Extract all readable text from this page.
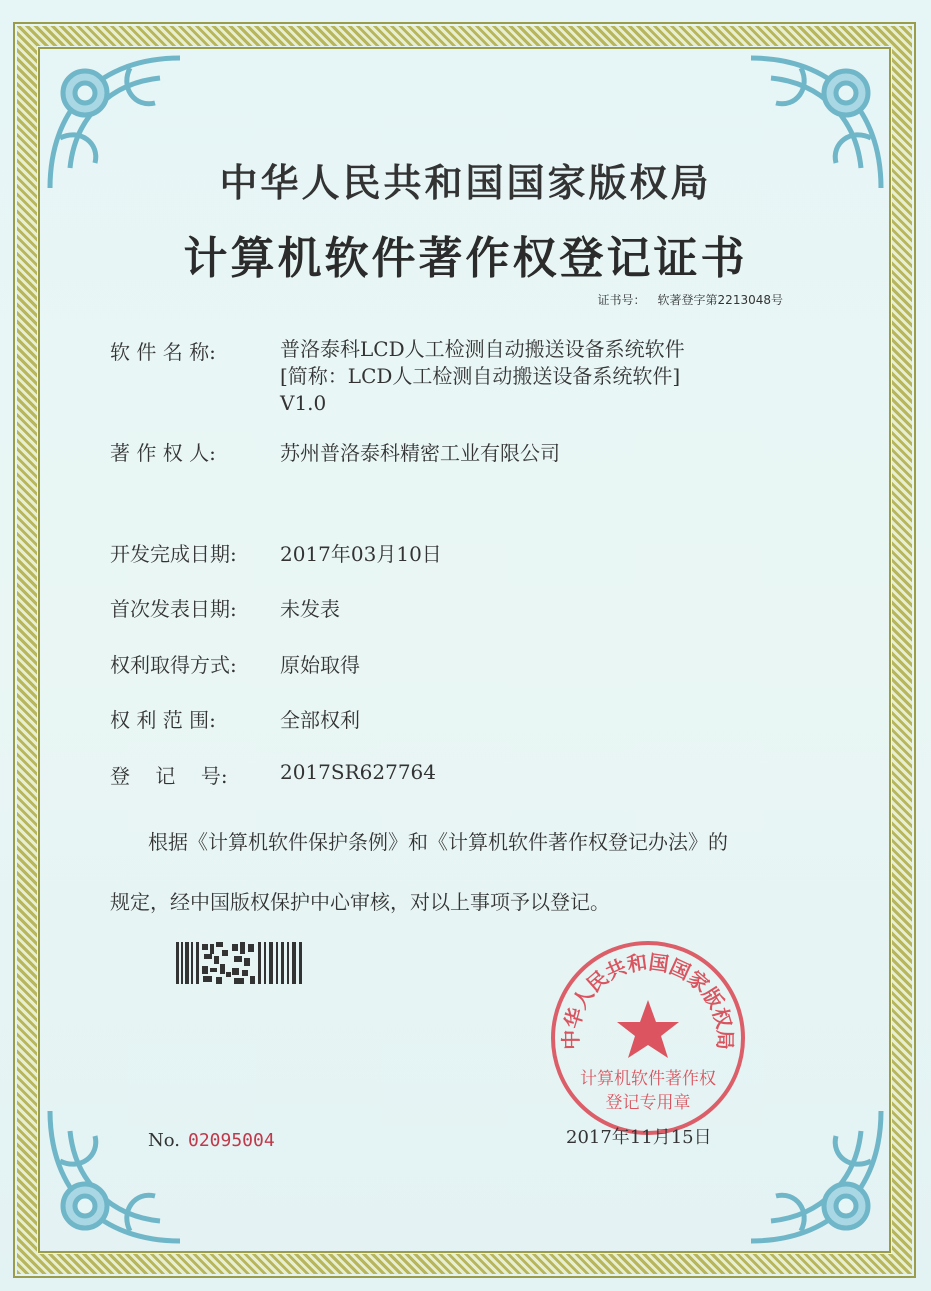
中华人民共和国国家版权局
计算机软件著作权登记证书
证书号： 软著登字第2213048号
软 件 名 称:	普洛泰科LCD人工检测自动搬送设备系统软件
[简称：LCD人工检测自动搬送设备系统软件]
V1.0
著 作 权 人:	苏州普洛泰科精密工业有限公司
开发完成日期: 2017年03月10日
首次发表日期: 未发表
权利取得方式: 原始取得
权 利 范 围:	全部权利
登    记    号:	2017SR627764
根据《计算机软件保护条例》和《计算机软件著作权登记办法》的
规定，经中国版权保护中心审核，对以上事项予以登记。
中华人民共和国国家版权局
计算机软件著作权
登记专用章
No. 02095004	2017年11月15日
